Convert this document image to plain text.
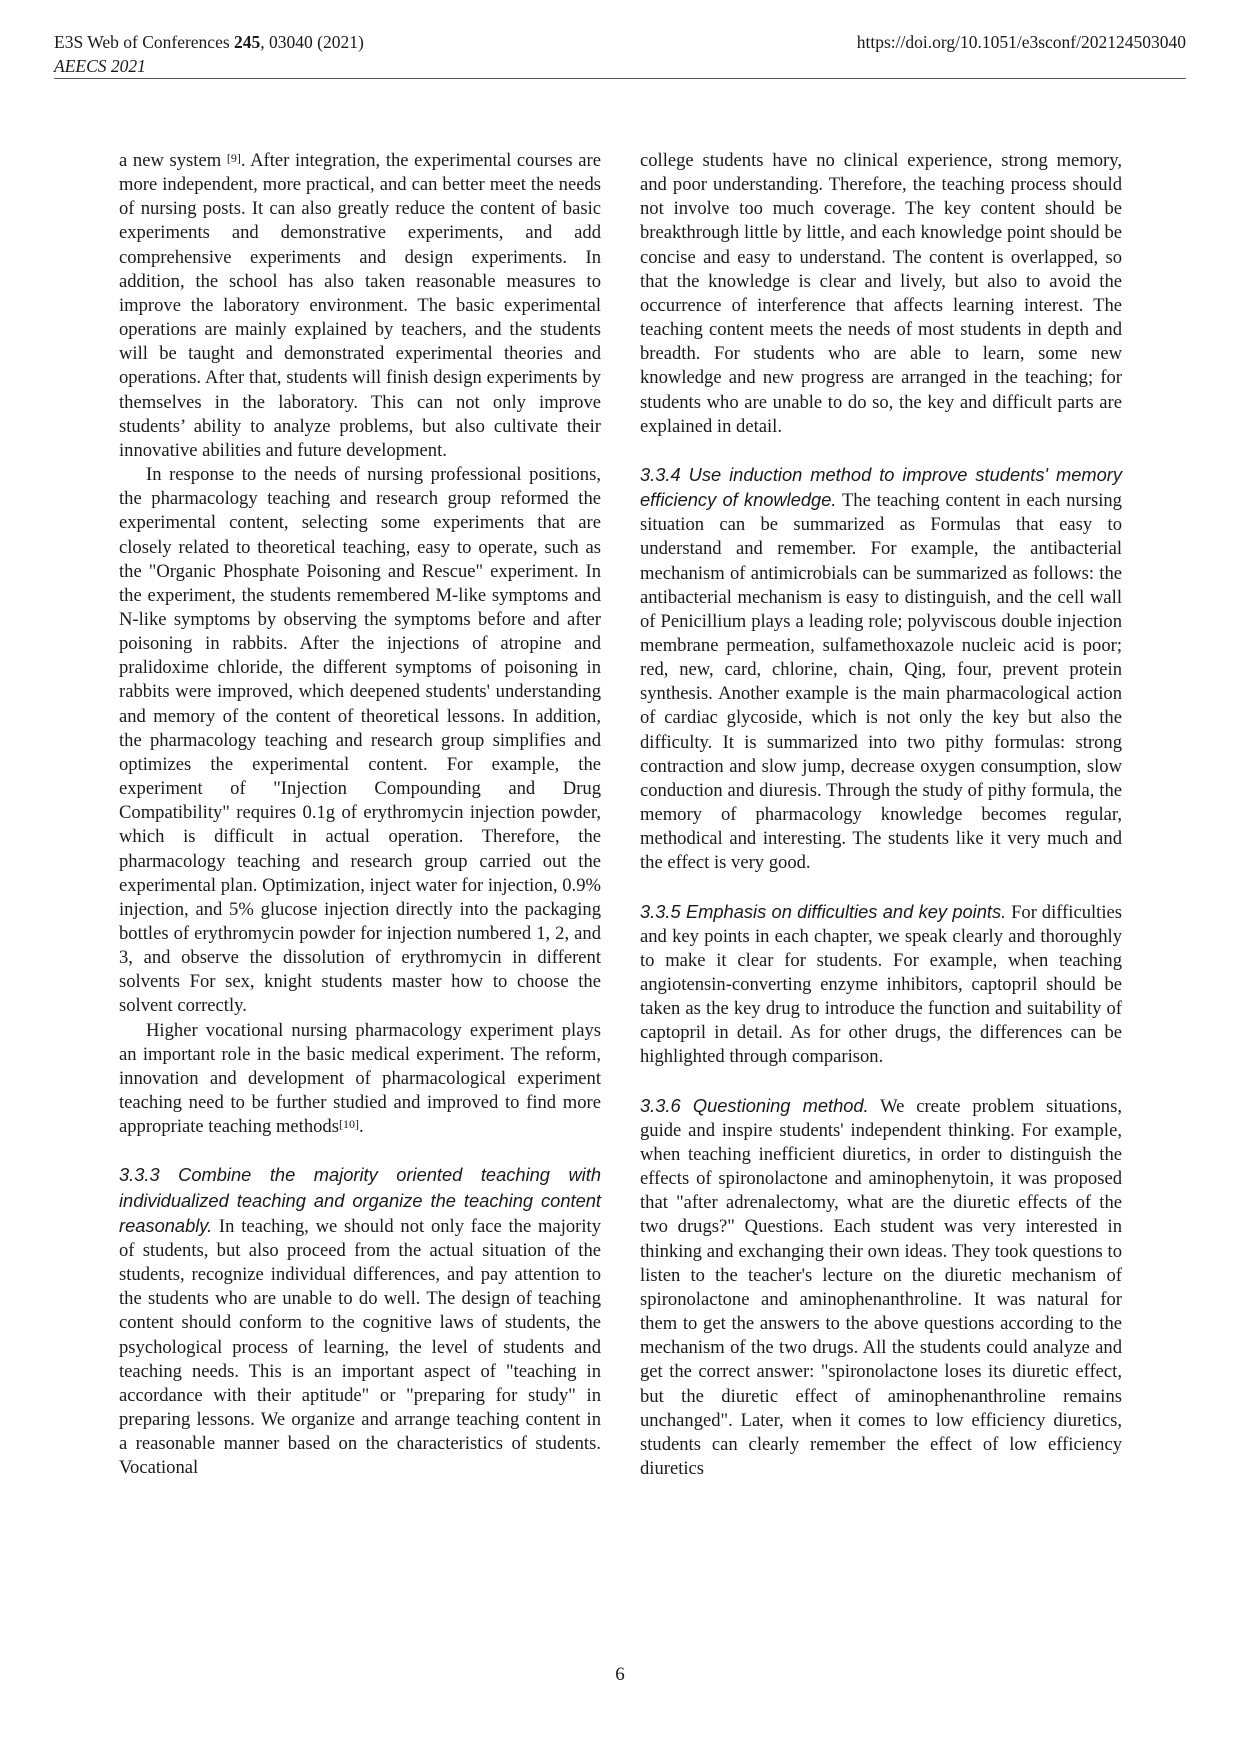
E3S Web of Conferences 245, 03040 (2021)
AEECS 2021
https://doi.org/10.1051/e3sconf/202124503040

a new system [9]. After integration, the experimental courses are more independent, more practical, and can better meet the needs of nursing posts. It can also greatly reduce the content of basic experiments and demonstrative experiments, and add comprehensive experiments and design experiments. In addition, the school has also taken reasonable measures to improve the laboratory environment. The basic experimental operations are mainly explained by teachers, and the students will be taught and demonstrated experimental theories and operations. After that, students will finish design experiments by themselves in the laboratory. This can not only improve students’ ability to analyze problems, but also cultivate their innovative abilities and future development.

In response to the needs of nursing professional positions, the pharmacology teaching and research group reformed the experimental content, selecting some experiments that are closely related to theoretical teaching, easy to operate, such as the "Organic Phosphate Poisoning and Rescue" experiment. In the experiment, the students remembered M-like symptoms and N-like symptoms by observing the symptoms before and after poisoning in rabbits. After the injections of atropine and pralidoxime chloride, the different symptoms of poisoning in rabbits were improved, which deepened students' understanding and memory of the content of theoretical lessons. In addition, the pharmacology teaching and research group simplifies and optimizes the experimental content. For example, the experiment of "Injection Compounding and Drug Compatibility" requires 0.1g of erythromycin injection powder, which is difficult in actual operation. Therefore, the pharmacology teaching and research group carried out the experimental plan. Optimization, inject water for injection, 0.9% injection, and 5% glucose injection directly into the packaging bottles of erythromycin powder for injection numbered 1, 2, and 3, and observe the dissolution of erythromycin in different solvents For sex, knight students master how to choose the solvent correctly.

Higher vocational nursing pharmacology experiment plays an important role in the basic medical experiment. The reform, innovation and development of pharmacological experiment teaching need to be further studied and improved to find more appropriate teaching methods[10].

3.3.3 Combine the majority oriented teaching with individualized teaching and organize the teaching content reasonably. In teaching, we should not only face the majority of students, but also proceed from the actual situation of the students, recognize individual differences, and pay attention to the students who are unable to do well. The design of teaching content should conform to the cognitive laws of students, the psychological process of learning, the level of students and teaching needs. This is an important aspect of "teaching in accordance with their aptitude" or "preparing for study" in preparing lessons. We organize and arrange teaching content in a reasonable manner based on the characteristics of students. Vocational

college students have no clinical experience, strong memory, and poor understanding. Therefore, the teaching process should not involve too much coverage. The key content should be breakthrough little by little, and each knowledge point should be concise and easy to understand. The content is overlapped, so that the knowledge is clear and lively, but also to avoid the occurrence of interference that affects learning interest. The teaching content meets the needs of most students in depth and breadth. For students who are able to learn, some new knowledge and new progress are arranged in the teaching; for students who are unable to do so, the key and difficult parts are explained in detail.

3.3.4 Use induction method to improve students' memory efficiency of knowledge. The teaching content in each nursing situation can be summarized as Formulas that easy to understand and remember. For example, the antibacterial mechanism of antimicrobials can be summarized as follows: the antibacterial mechanism is easy to distinguish, and the cell wall of Penicillium plays a leading role; polyviscous double injection membrane permeation, sulfamethoxazole nucleic acid is poor; red, new, card, chlorine, chain, Qing, four, prevent protein synthesis. Another example is the main pharmacological action of cardiac glycoside, which is not only the key but also the difficulty. It is summarized into two pithy formulas: strong contraction and slow jump, decrease oxygen consumption, slow conduction and diuresis. Through the study of pithy formula, the memory of pharmacology knowledge becomes regular, methodical and interesting. The students like it very much and the effect is very good.

3.3.5 Emphasis on difficulties and key points. For difficulties and key points in each chapter, we speak clearly and thoroughly to make it clear for students. For example, when teaching angiotensin-converting enzyme inhibitors, captopril should be taken as the key drug to introduce the function and suitability of captopril in detail. As for other drugs, the differences can be highlighted through comparison.

3.3.6 Questioning method. We create problem situations, guide and inspire students' independent thinking. For example, when teaching inefficient diuretics, in order to distinguish the effects of spironolactone and aminophenytoin, it was proposed that "after adrenalectomy, what are the diuretic effects of the two drugs?" Questions. Each student was very interested in thinking and exchanging their own ideas. They took questions to listen to the teacher's lecture on the diuretic mechanism of spironolactone and aminophenanthroline. It was natural for them to get the answers to the above questions according to the mechanism of the two drugs. All the students could analyze and get the correct answer: "spironolactone loses its diuretic effect, but the diuretic effect of aminophenanthroline remains unchanged". Later, when it comes to low efficiency diuretics, students can clearly remember the effect of low efficiency diuretics

6
